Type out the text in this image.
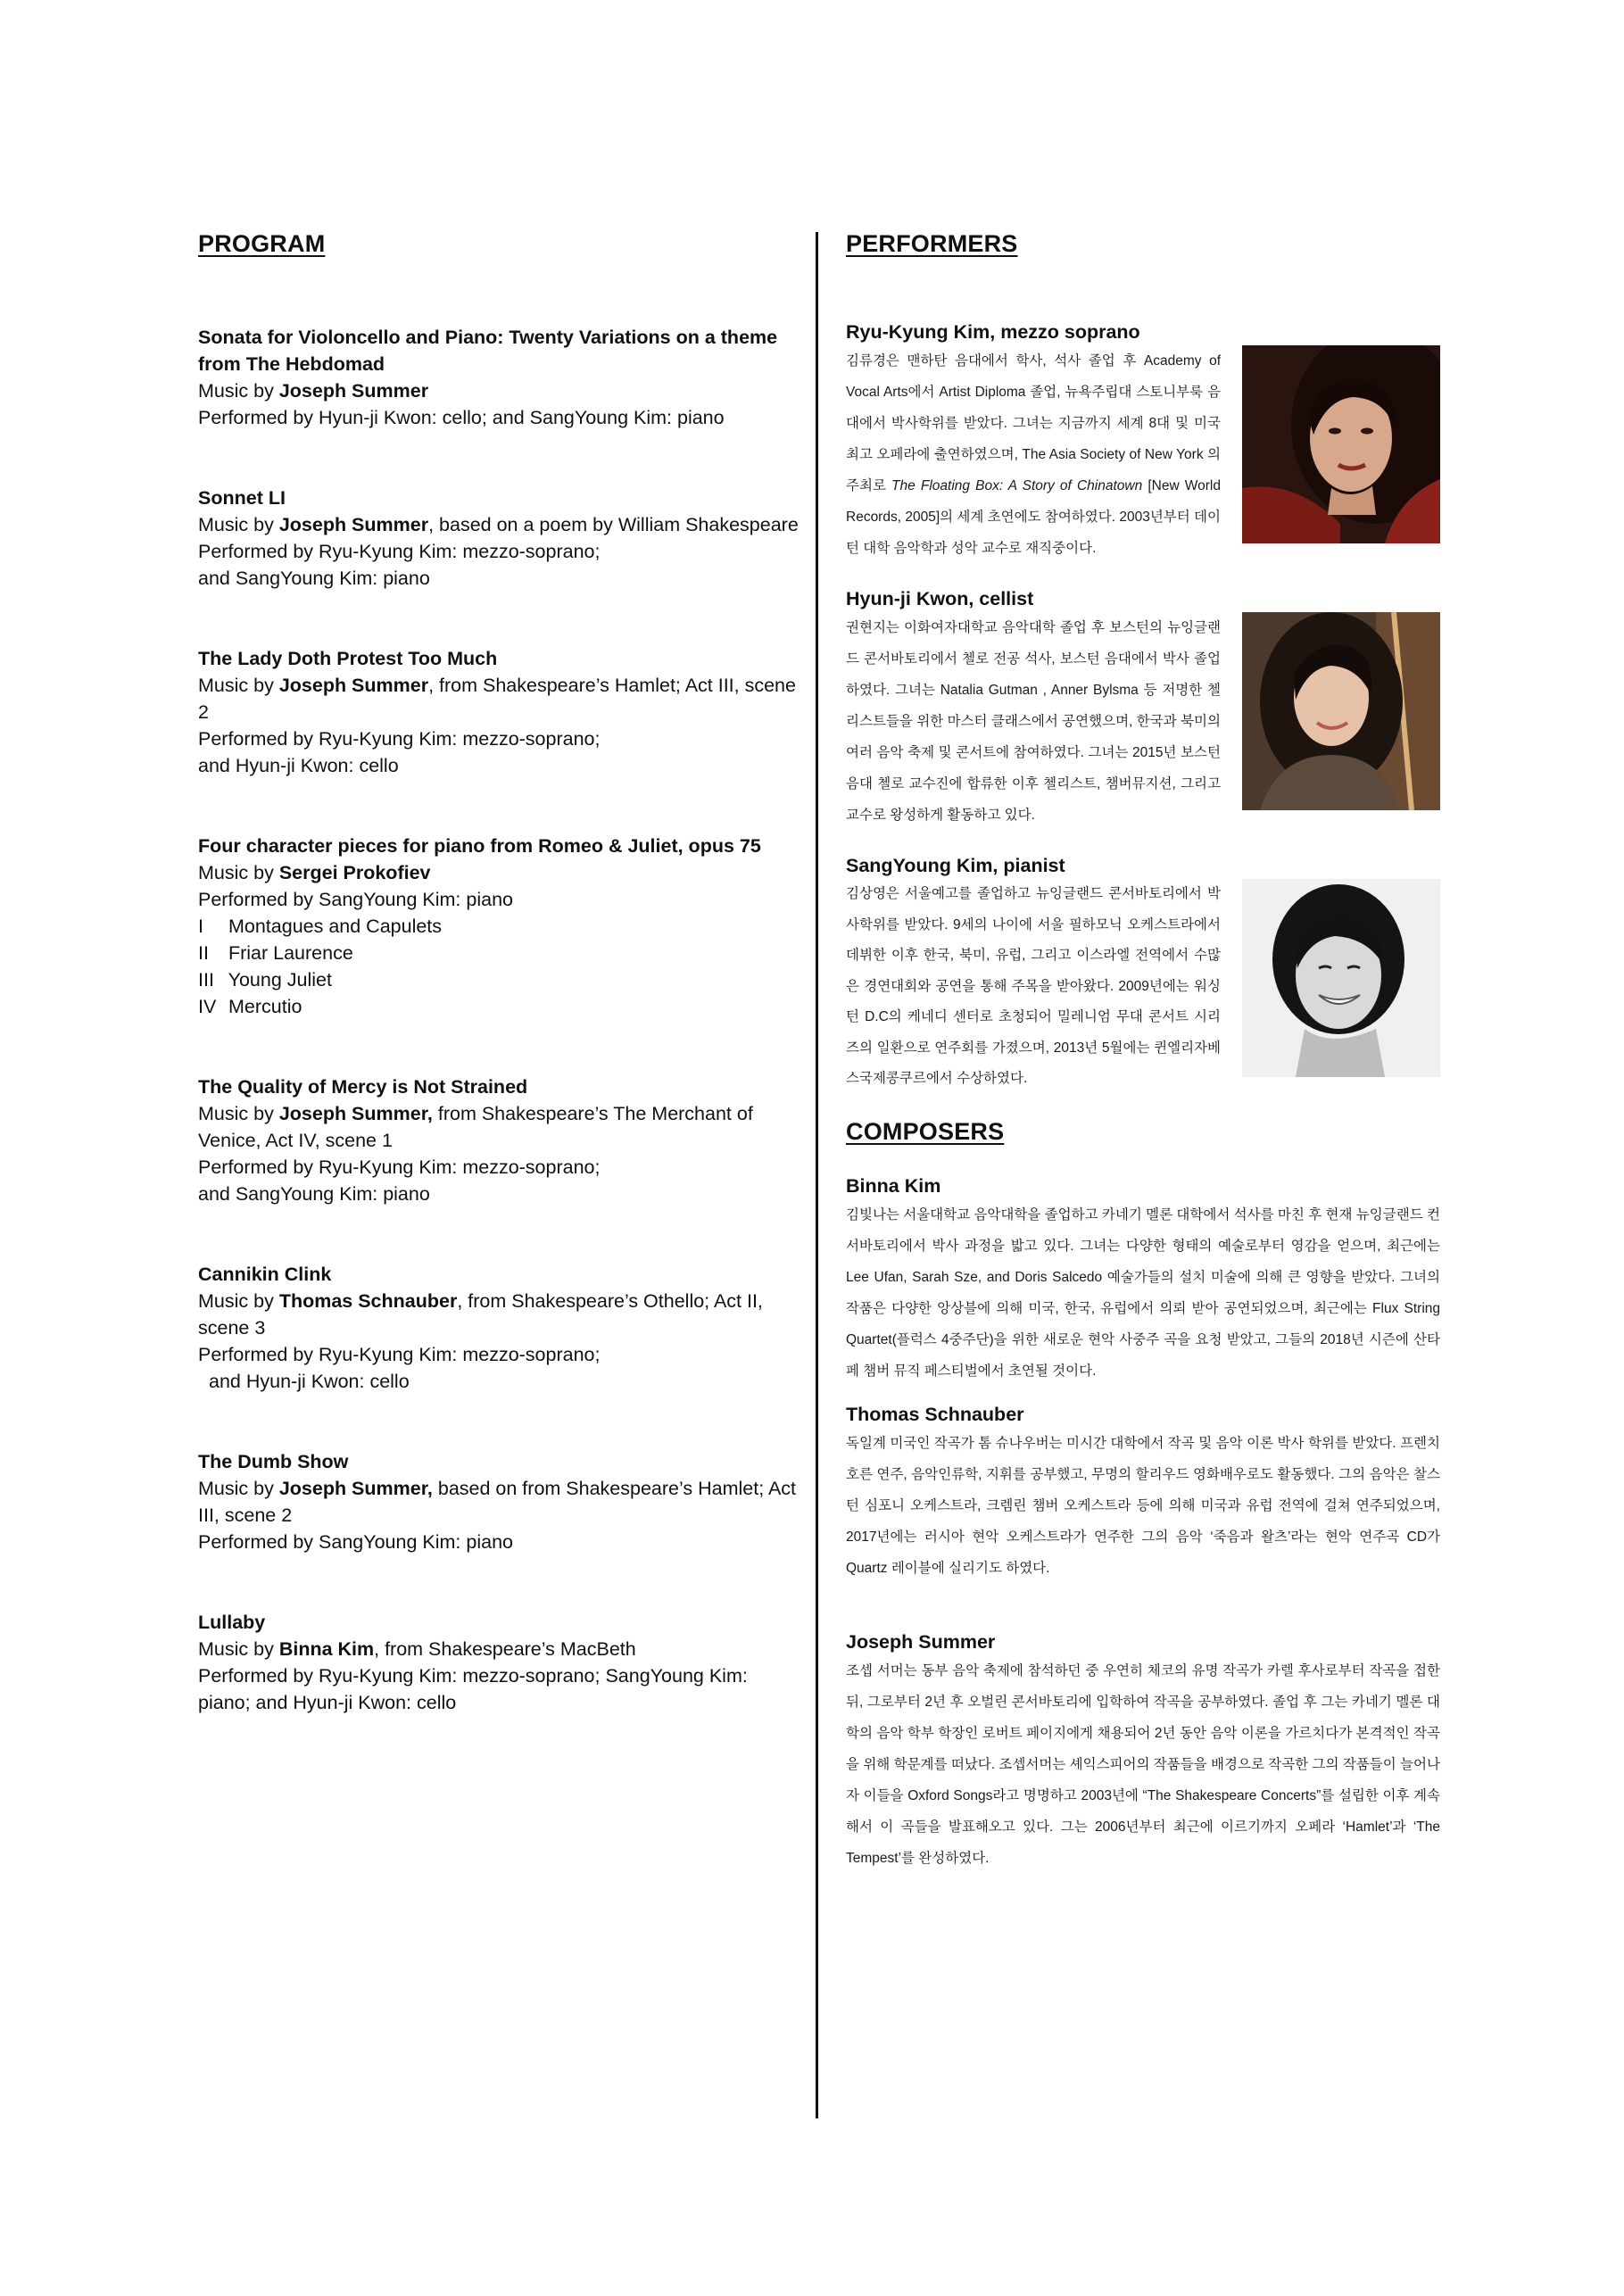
PROGRAM
Sonata for Violoncello and Piano: Twenty Variations on a theme from The Hebdomad
Music by Joseph Summer
Performed by Hyun-ji Kwon: cello; and SangYoung Kim: piano
Sonnet LI
Music by Joseph Summer, based on a poem by William Shakespeare
Performed by Ryu-Kyung Kim: mezzo-soprano;
and SangYoung Kim: piano
The Lady Doth Protest Too Much
Music by Joseph Summer, from Shakespeare’s Hamlet; Act III, scene 2
Performed by Ryu-Kyung Kim: mezzo-soprano;
and Hyun-ji Kwon: cello
Four character pieces for piano from Romeo & Juliet, opus 75
Music by Sergei Prokofiev
Performed by SangYoung Kim: piano
I Montagues and Capulets
II Friar Laurence
III Young Juliet
IV Mercutio
The Quality of Mercy is Not Strained
Music by Joseph Summer, from Shakespeare’s The Merchant of Venice, Act IV, scene 1
Performed by Ryu-Kyung Kim: mezzo-soprano;
and SangYoung Kim: piano
Cannikin Clink
Music by Thomas Schnauber, from Shakespeare’s Othello; Act II, scene 3
Performed by Ryu-Kyung Kim: mezzo-soprano;
and Hyun-ji Kwon: cello
The Dumb Show
Music by Joseph Summer, based on from Shakespeare’s Hamlet; Act III, scene 2
Performed by SangYoung Kim: piano
Lullaby
Music by Binna Kim, from Shakespeare’s MacBeth
Performed by Ryu-Kyung Kim: mezzo-soprano; SangYoung Kim: piano; and Hyun-ji Kwon: cello
PERFORMERS
Ryu-Kyung Kim, mezzo soprano
김류경은 맨하탄 음대에서 학사, 석사 졸업 후 Academy of Vocal Arts에서 Artist Diploma 졸업, 뉴욕주립대 스토니부룩 음대에서 박사학위를 받았다. 그녀는 지금까지 세계 8대 및 미국 최고 오페라에 출연하였으며, The Asia Society of New York 의 주최로 The Floating Box: A Story of Chinatown [New World Records, 2005]의 세계 초연에도 참여하였다. 2003년부터 데이턴 대학 음악학과 성악 교수로 재직중이다.
Hyun-ji Kwon, cellist
권현지는 이화여자대학교 음악대학 졸업 후 보스턴의 뉴잉글랜드 콘서바토리에서 첼로 전공 석사, 보스턴 음대에서 박사 졸업하였다. 그녀는 Natalia Gutman , Anner Bylsma 등 저명한 첼리스트들을 위한 마스터 클래스에서 공연했으며, 한국과 북미의 여러 음악 축제 및 콘서트에 참여하였다. 그녀는 2015년 보스턴 음대 첼로 교수진에 합류한 이후 첼리스트, 챔버뮤지션, 그리고 교수로 왕성하게 활동하고 있다.
SangYoung Kim, pianist
김상영은 서울예고를 졸업하고 뉴잉글랜드 콘서바토리에서 박사학위를 받았다. 9세의 나이에 서울 필하모닉 오케스트라에서 데뷔한 이후 한국, 북미, 유럽, 그리고 이스라엘 전역에서 수많은 경연대회와 공연을 통해 주목을 받아왔다. 2009년에는 워싱턴 D.C의 케네디 센터로 초청되어 밀레니엄 무대 콘서트 시리즈의 일환으로 연주회를 가졌으며, 2013년 5월에는 퀸엘리자베스국제콩쿠르에서 수상하였다.
COMPOSERS
Binna Kim
김빛나는 서울대학교 음악대학을 졸업하고 카네기 멜론 대학에서 석사를 마친 후 현재 뉴잉글랜드 컨서바토리에서 박사 과정을 밟고 있다. 그녀는 다양한 형태의 예술로부터 영감을 얻으며, 최근에는 Lee Ufan, Sarah Sze, and Doris Salcedo 예술가들의 설치 미술에 의해 큰 영향을 받았다. 그녀의 작품은 다양한 앙상블에 의해 미국, 한국, 유럽에서 의뢰 받아 공연되었으며, 최근에는 Flux String Quartet(플럭스 4중주단)을 위한 새로운 현악 사중주 곡을 요청 받았고, 그들의 2018년 시즌에 산타페 챔버 뮤직 페스티벌에서 초연될 것이다.
Thomas Schnauber
독일계 미국인 작곡가 톰 슈나우버는 미시간 대학에서 작곡 및 음악 이론 박사 학위를 받았다. 프렌치 호른 연주, 음악인류학, 지휘를 공부했고, 무명의 할리우드 영화배우로도 활동했다. 그의 음악은 찰스턴 심포니 오케스트라, 크렘린 챔버 오케스트라 등에 의해 미국과 유럽 전역에 걸쳐 연주되었으며, 2017년에는 러시아 현악 오케스트라가 연주한 그의 음악 ‘죽음과 왈츠’라는 현악 연주곡 CD가 Quartz 레이블에 실리기도 하였다.
Joseph Summer
조셉 서머는 동부 음악 축제에 참석하던 중 우연히 체코의 유명 작곡가 카렐 후사로부터 작곡을 접한 뒤, 그로부터 2년 후 오벌린 콘서바토리에 입학하여 작곡을 공부하였다. 졸업 후 그는 카네기 멜론 대학의 음악 학부 학장인 로버트 페이지에게 채용되어 2년 동안 음악 이론을 가르치다가 본격적인 작곡을 위해 학문계를 떠났다. 조셉서머는 셰익스피어의 작품들을 배경으로 작곡한 그의 작품들이 늘어나자 이들을 Oxford Songs라고 명명하고 2003년에 “The Shakespeare Concerts”를 설립한 이후 계속해서 이 곡들을 발표해오고 있다. 그는 2006년부터 최근에 이르기까지 오페라 ‘Hamlet’과 ‘The Tempest’를 완성하였다.
